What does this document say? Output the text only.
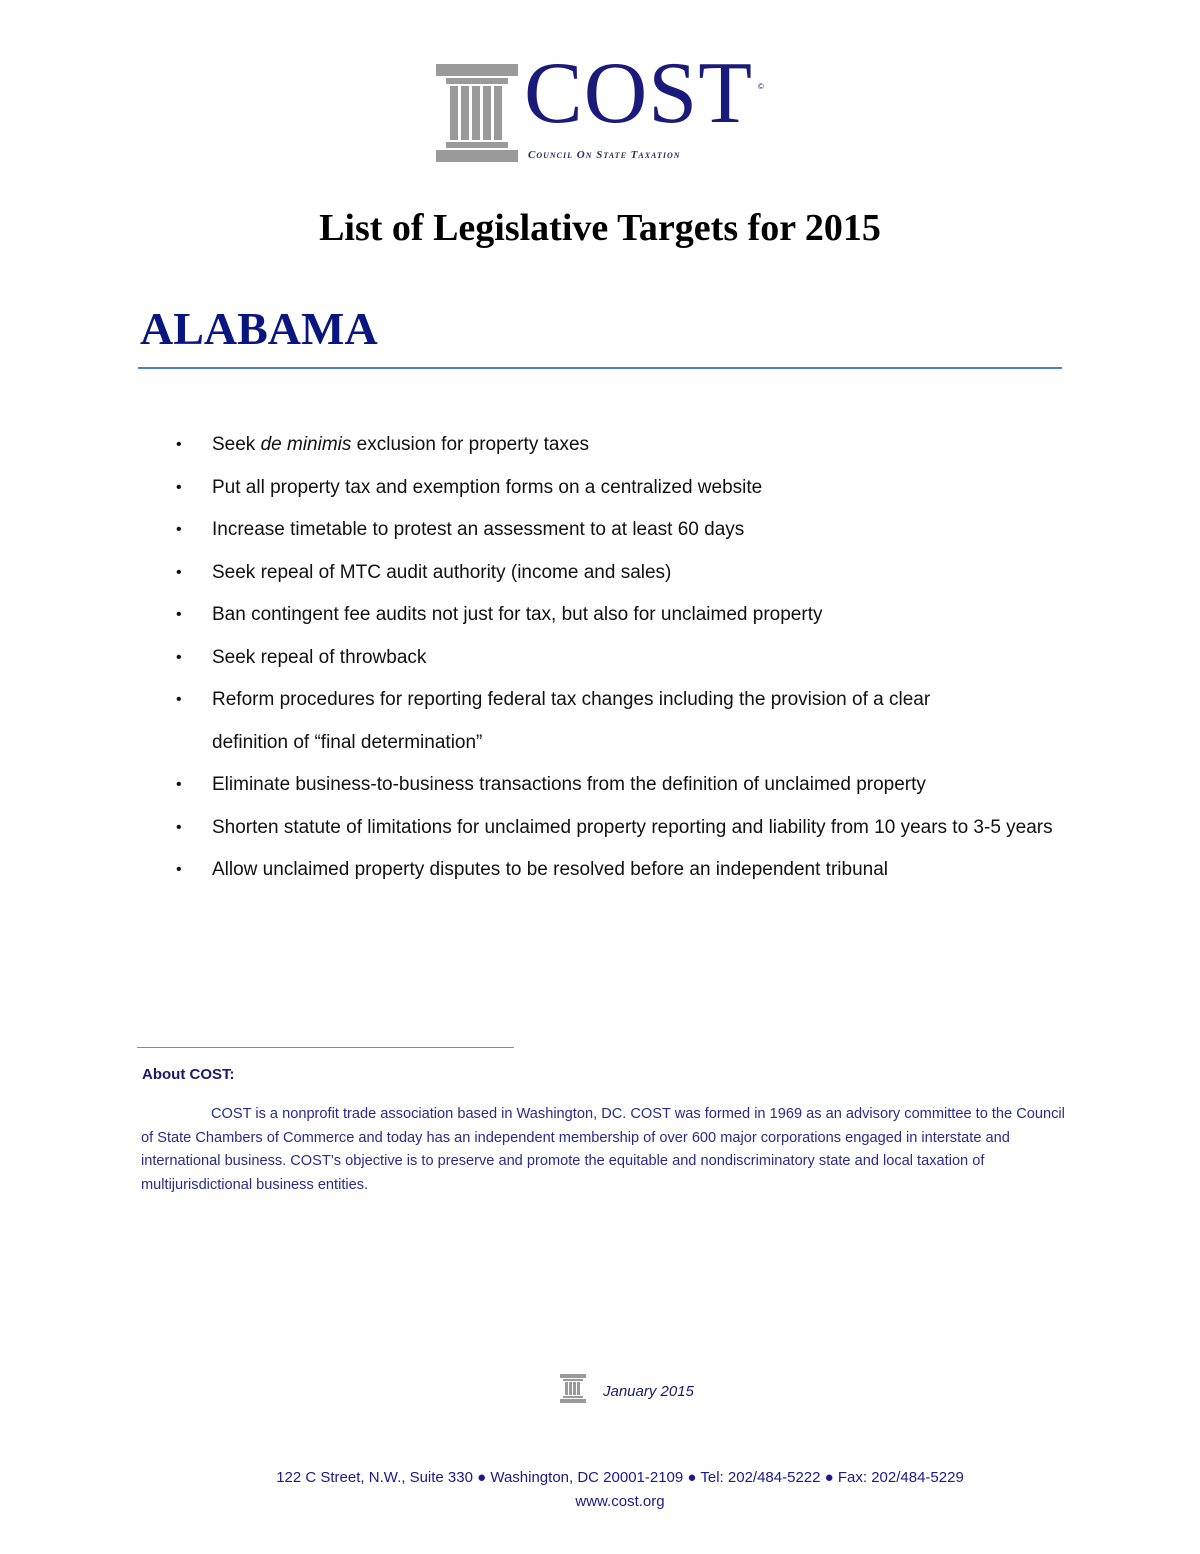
COST ©
Council On State Taxation
List of Legislative Targets for 2015
ALABAMA
• Seek de minimis exclusion for property taxes
• Put all property tax and exemption forms on a centralized website
• Increase timetable to protest an assessment to at least 60 days
• Seek repeal of MTC audit authority (income and sales)
• Ban contingent fee audits not just for tax, but also for unclaimed property
• Seek repeal of throwback
• Reform procedures for reporting federal tax changes including the provision of a clear definition of “final determination”
• Eliminate business-to-business transactions from the definition of unclaimed property
• Shorten statute of limitations for unclaimed property reporting and liability from 10 years to 3-5 years
• Allow unclaimed property disputes to be resolved before an independent tribunal
About COST:
COST is a nonprofit trade association based in Washington, DC. COST was formed in 1969 as an advisory committee to the Council of State Chambers of Commerce and today has an independent membership of over 600 major corporations engaged in interstate and international business. COST’s objective is to preserve and promote the equitable and nondiscriminatory state and local taxation of multijurisdictional business entities.
January 2015
122 C Street, N.W., Suite 330 ● Washington, DC 20001-2109 ● Tel: 202/484-5222 ● Fax: 202/484-5229
www.cost.org
